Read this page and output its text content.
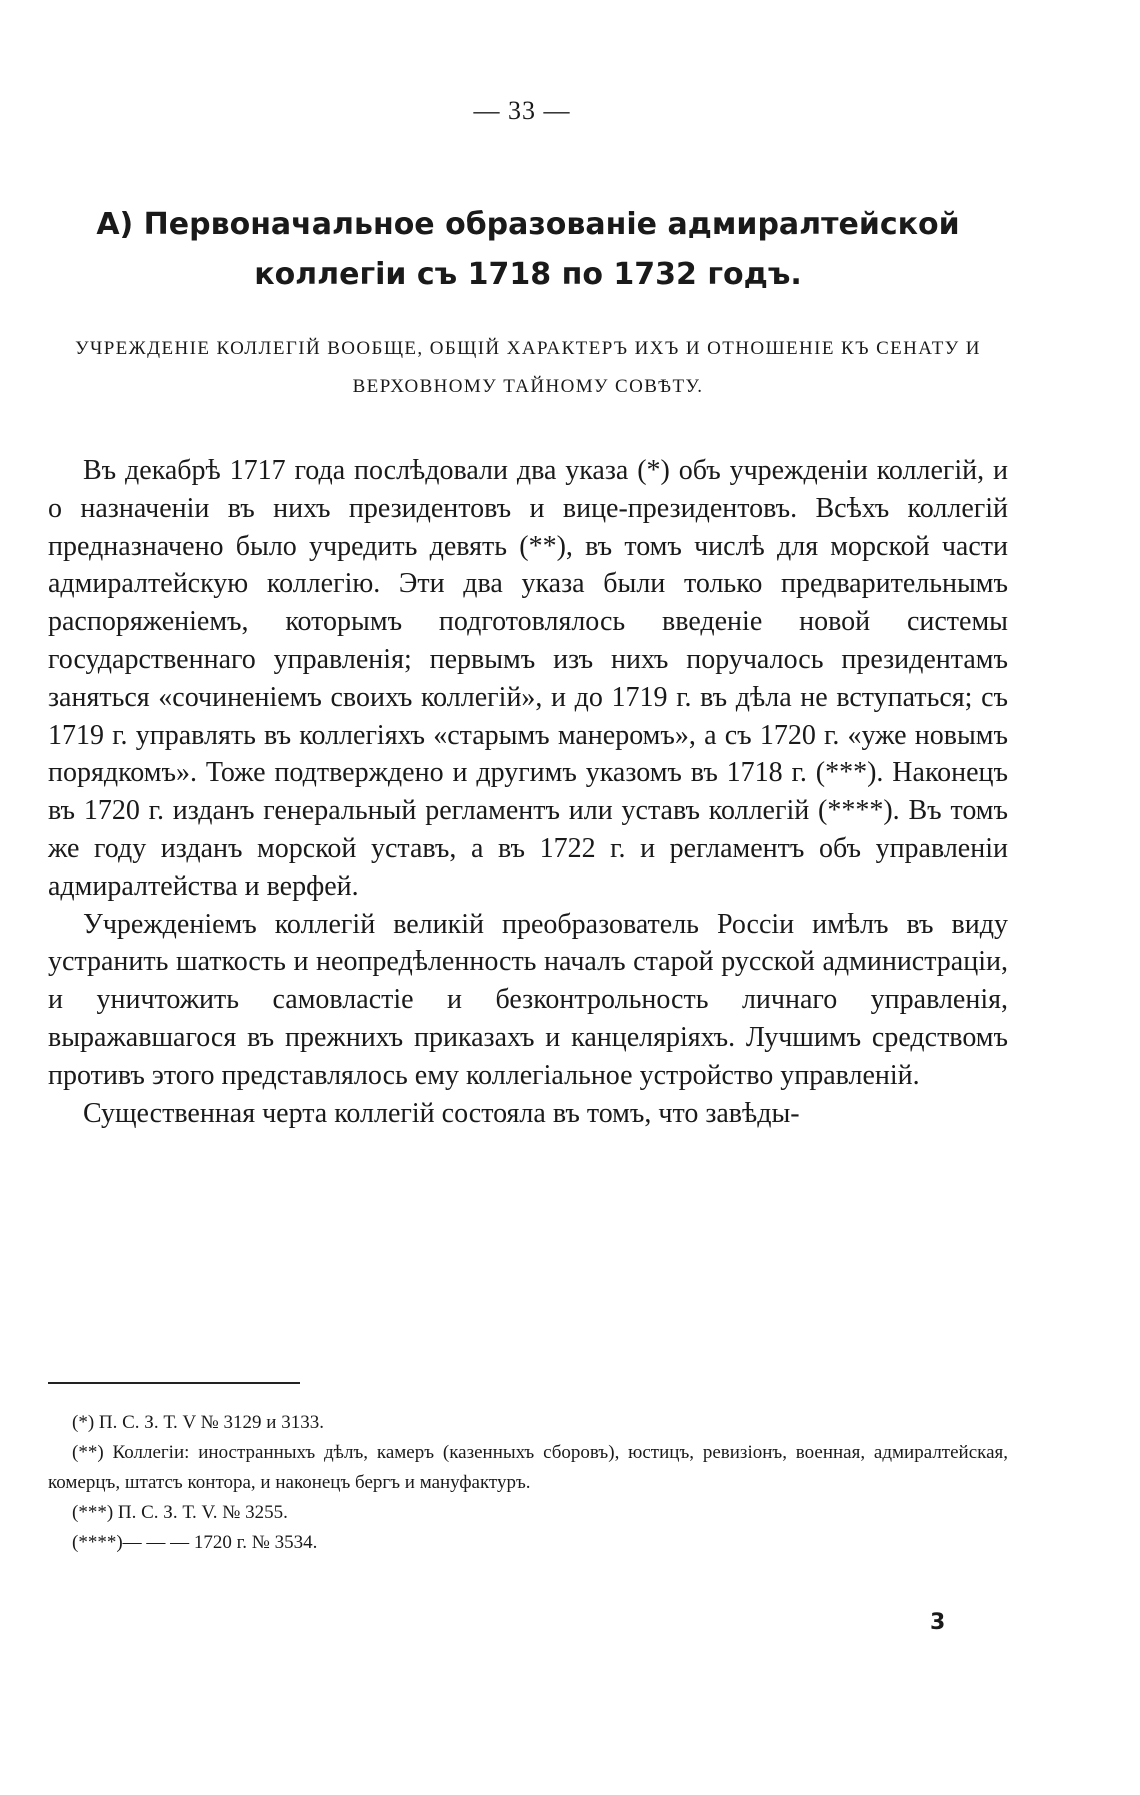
— 33 —
А) Первоначальное образованіе адмиралтейской коллегіи съ 1718 по 1732 годъ.
УЧРЕЖДЕНІЕ КОЛЛЕГІЙ ВООБЩЕ, ОБЩІЙ ХАРАКТЕРЪ ИХЪ И ОТНОШЕНІЕ КЪ СЕНАТУ И ВЕРХОВНОМУ ТАЙНОМУ СОВѢТУ.

Въ декабрѣ 1717 года послѣдовали два указа (*) объ учрежденіи коллегій, и о назначеніи въ нихъ президентовъ и вице-президентовъ. Всѣхъ коллегій предназначено было учредить девять (**), въ томъ числѣ для морской части адмиралтейскую коллегію. Эти два указа были только предварительнымъ распоряженіемъ, которымъ подготовлялось введеніе новой системы государственнаго управленія; первымъ изъ нихъ поручалось президентамъ заняться «сочиненіемъ своихъ коллегій», и до 1719 г. въ дѣла не вступаться; съ 1719 г. управлять въ коллегіяхъ «старымъ манеромъ», а съ 1720 г. «уже новымъ порядкомъ». Тоже подтверждено и другимъ указомъ въ 1718 г. (***). Наконецъ въ 1720 г. изданъ генеральный регламентъ или уставъ коллегій (****). Въ томъ же году изданъ морской уставъ, а въ 1722 г. и регламентъ объ управленіи адмиралтейства и верфей.

Учрежденіемъ коллегій великій преобразователь Россіи имѣлъ въ виду устранить шаткость и неопредѣленность началъ старой русской администраціи, и уничтожить самовластіе и безконтрольность личнаго управленія, выражавшагося въ прежнихъ приказахъ и канцеляріяхъ. Лучшимъ средствомъ противъ этого представлялось ему коллегіальное устройство управленій.

Существенная черта коллегій состояла въ томъ, что завѣды-

(*) П. С. З. Т. V № 3129 и 3133.

(**) Коллегіи: иностранныхъ дѣлъ, камеръ (казенныхъ сборовъ), юстицъ, ревизіонъ, военная, адмиралтейская, комерцъ, штатсъ контора, и наконецъ бергъ и мануфактуръ.

(***) П. С. З. Т. V. № 3255.

(****)— — — 1720 г. № 3534.

3
